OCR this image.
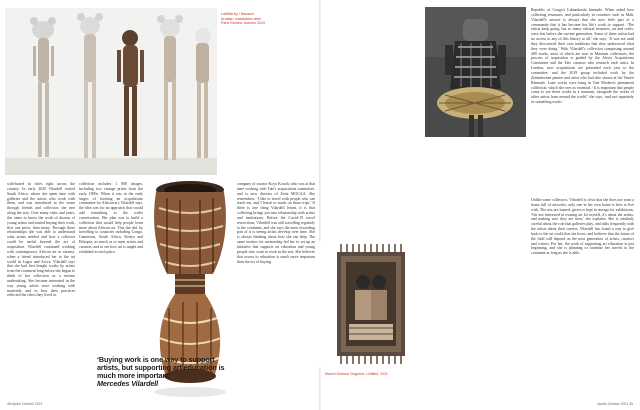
Laëtitia Ky / Nazanin Ardalan, Installation view: Paris Review, Autumn 2019

with-based in cities right across the country. In early 2020 Vilardell visited South Africa, where she spent time with galleries and the artists who work with them, and was introduced to the scene through friends and collectors she met along the way. Over many visits and years, she came to know the work of dozens of young artists and started buying their work, first one piece, then many. Through these relationships she was able to understand what artists needed and how a collector could be useful beyond the act of acquisition. Vilardell continued working with contemporary African art in earnest, when a friend introduced her to the art world in Lagos and Accra. Vilardell says that she had first bought works by artists from the continent long before she began to think of her collection as a serious undertaking. She became interested in the way young artists were working with materials, and in how their practices reflected the cities they lived in.

collection includes 1 800 images, including two vintage prints from the early 1900s. When it was in the early stages of forming an acquisitions committee for African art, Vilardell says, the idea was for an approach that would add something to the wider conversation. Her plan was to build a collection that would help people learn more about African art. This she did, by travelling to countries including Congo, Cameroon, South Africa, Kenya and Ethiopia, as much as to meet artists and curators, and to see how art is taught and exhibited in each place.

company of curator Koyo Kouoh, who was at that time working with Tate's acquisitions committee, and is now director of Zeitz MOCAA. She remembers, ‘I like to travel with people who can teach me, and I learnt so much on those trips.’ If there is one thing Vilardell learnt, it is that collecting brings you into relationship with artists and institutions. Before the Covid-19 travel restrictions, Vilardell was still travelling regularly to the continent, and she says the most rewarding part of it is seeing artists develop over time. She is always thinking about how she can help. The same instinct for mentorship led her to set up an initiative that supports art education and young people who want to work in the arts. She believes that access to education is much more important than the act of buying.

‘Buying work is one way to support artists, but supporting art education is much more important’
Mercedes Vilardell
Marcel Ondoua Onguene, Untitled, 2021

Republic of Congo's Lubumbashi biennale. When asked how collecting resonates, and particularly in countries such as Mali, Vilardell's answer is always that she now feels part of a community that it has become her life's work to support. ‘The artists keep going, but so many cultural treasures, art and crafts, were lost before the current generation. Some of these artists had no access to any of this history at all,’ she says. ‘It was not until they discovered their own traditions that they understood what they were doing.’ With Vilardell's collection comprising around 400 works, most of which are now in Museum collections, the process of acquisition is guided by the Africa Acquisitions Committee and the Tate curators who research each artist. In London, new acquisitions are presented each year to the committee, and the 2019 group included work by the Zimbabwean painter and artist who had also shown at the Venice Biennale. Later works were hung in Tate Modern's permanent collection, which she sees as essential. ‘It is important that people come to see these works in a museum, alongside the works of other artists from around the world,’ she says, ‘and not separately as something exotic.’

Unlike some collectors, Vilardell is clear that she does not want a home full of artworks; only one in her own home is hers to live with. The rest are loaned, given or kept in storage for exhibitions. ‘I'm not interested in owning art for myself, it's about the artists, and making sure they are seen,’ she explains. She is similarly careful about the role that galleries play, and talks frequently with the artists about their careers. Vilardell has found a way to give back to the art world that she loves, and believes that the future of the field will depend on the next generation of artists, curators and writers. For her, the work of supporting art education is just beginning, and she is planning to continue her travels to the continent as long as she is able.

48 Apollo October 2021	Apollo October 2021 49
